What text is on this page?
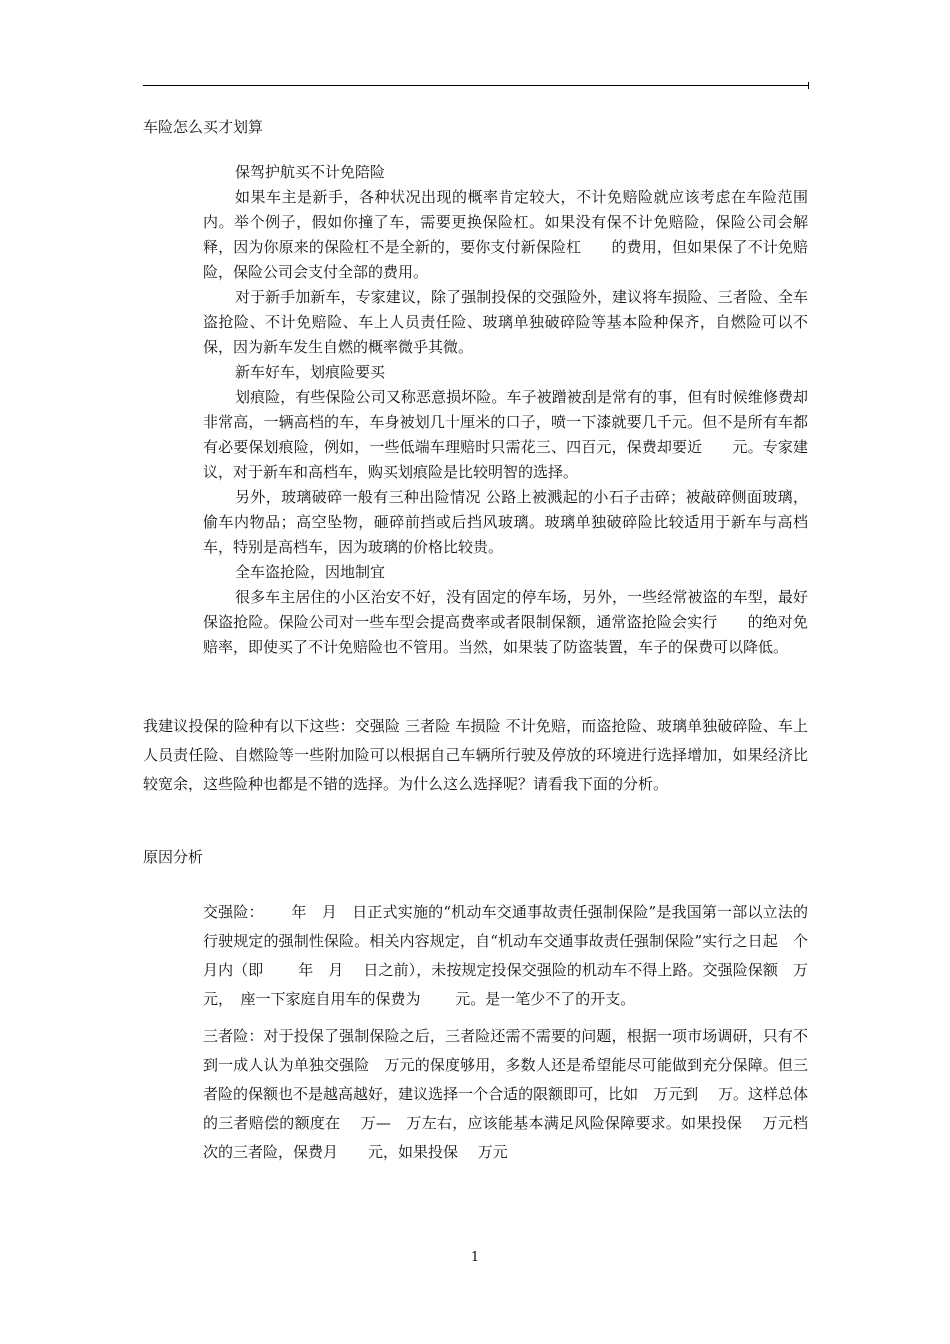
车险怎么买才划算

保驾护航买不计免陪险

如果车主是新手，各种状况出现的概率肯定较大，不计免赔险就应该考虑在车险范围内。举个例子，假如你撞了车，需要更换保险杠。如果没有保不计免赔险，保险公司会解释，因为你原来的保险杠不是全新的，要你支付新保险杠　　的费用，但如果保了不计免赔险，保险公司会支付全部的费用。

对于新手加新车，专家建议，除了强制投保的交强险外，建议将车损险、三者险、全车盗抢险、不计免赔险、车上人员责任险、玻璃单独破碎险等基本险种保齐，自燃险可以不保，因为新车发生自燃的概率微乎其微。

新车好车，划痕险要买

划痕险，有些保险公司又称恶意损坏险。车子被蹭被刮是常有的事，但有时候维修费却非常高，一辆高档的车，车身被划几十厘米的口子，喷一下漆就要几千元。但不是所有车都有必要保划痕险，例如，一些低端车理赔时只需花三、四百元，保费却要近　　元。专家建议，对于新车和高档车，购买划痕险是比较明智的选择。

另外，玻璃破碎一般有三种出险情况 公路上被溅起的小石子击碎；被敲碎侧面玻璃，偷车内物品；高空坠物，砸碎前挡或后挡风玻璃。玻璃单独破碎险比较适用于新车与高档车，特别是高档车，因为玻璃的价格比较贵。

全车盗抢险，因地制宜

很多车主居住的小区治安不好，没有固定的停车场，另外，一些经常被盗的车型，最好保盗抢险。保险公司对一些车型会提高费率或者限制保额，通常盗抢险会实行　　的绝对免赔率，即使买了不计免赔险也不管用。当然，如果装了防盗装置，车子的保费可以降低。

我建议投保的险种有以下这些：交强险 三者险 车损险 不计免赔，而盗抢险、玻璃单独破碎险、车上人员责任险、自燃险等一些附加险可以根据自己车辆所行驶及停放的环境进行选择增加，如果经济比较宽余，这些险种也都是不错的选择。为什么这么选择呢？请看我下面的分析。

原因分析

交强险：　　 年　月　日正式实施的“机动车交通事故责任强制保险”是我国第一部以立法的行驶规定的强制性保险。相关内容规定，自“机动车交通事故责任强制保险”实行之日起　个月内（即　　 年　月　 日之前），未按规定投保交强险的机动车不得上路。交强险保额　万元，　座一下家庭自用车的保费为　　 元。是一笔少不了的开支。

三者险：对于投保了强制保险之后，三者险还需不需要的问题，根据一项市场调研，只有不到一成人认为单独交强险　万元的保度够用，多数人还是希望能尽可能做到充分保障。但三者险的保额也不是越高越好，建议选择一个合适的限额即可，比如　万元到　 万。这样总体的三者赔偿的额度在　 万—　万左右，应该能基本满足风险保障要求。如果投保　 万元档次的三者险，保费月　　元，如果投保　 万元

1
